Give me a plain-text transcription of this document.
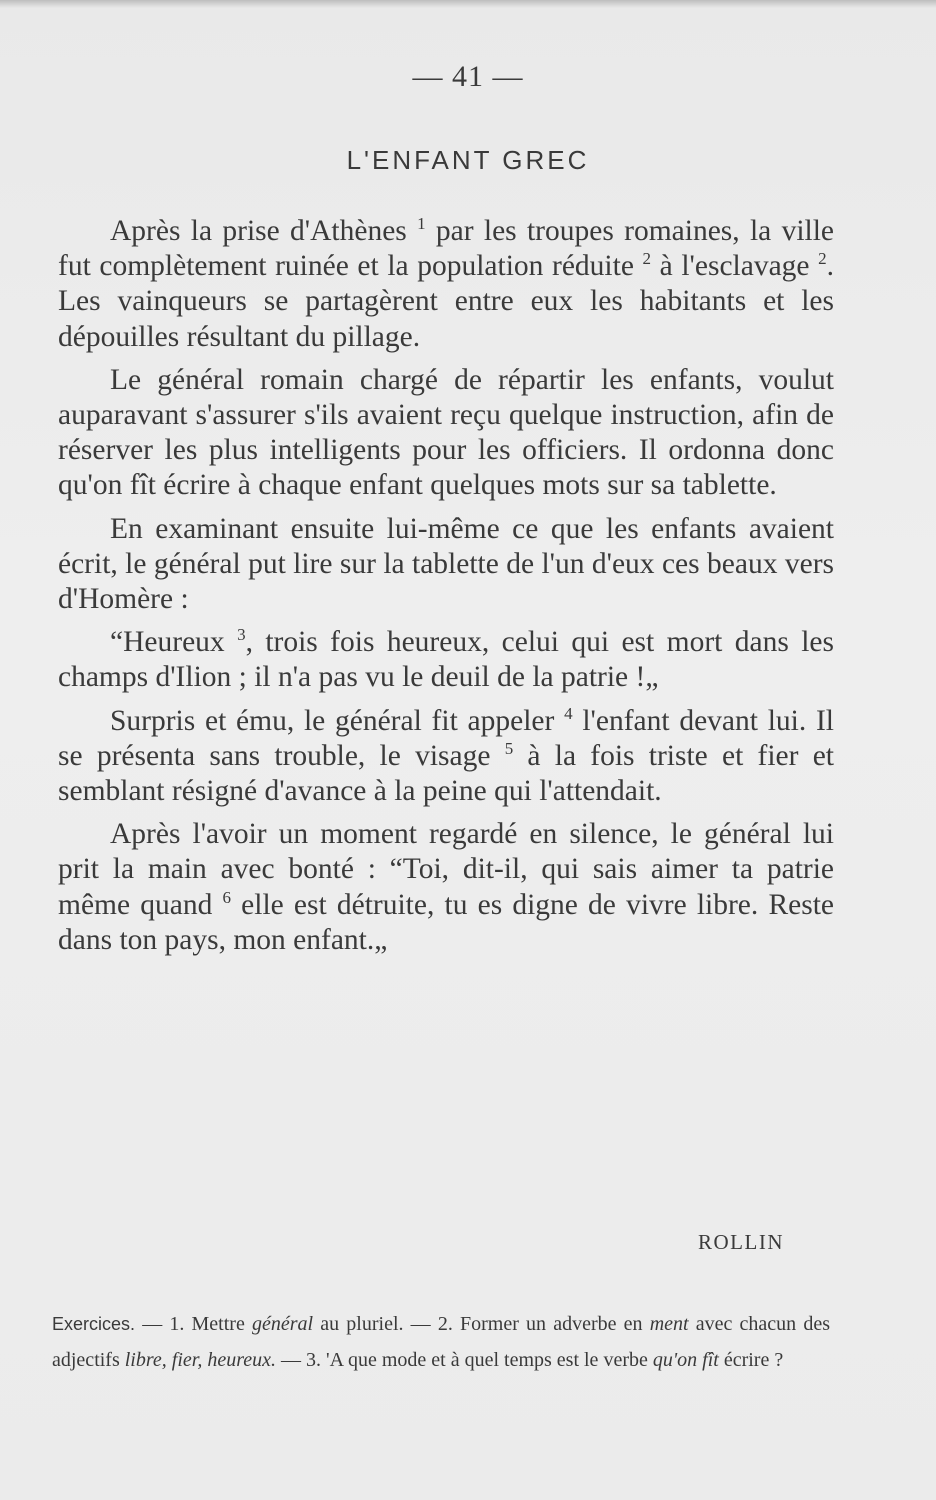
— 41 —
L'ENFANT GREC

Après la prise d'Athènes $^1$ par les troupes romaines, la ville fut complètement ruinée et la population réduite $^2$ à l'esclavage $^2$. Les vainqueurs se partagèrent entre eux les habitants et les dépouilles résultant du pillage.

Le général romain chargé de répartir les enfants, voulut auparavant s'assurer s'ils avaient reçu quelque instruction, afin de réserver les plus intelligents pour les officiers. Il ordonna donc qu'on fît écrire à chaque enfant quelques mots sur sa tablette.

En examinant ensuite lui-même ce que les enfants avaient écrit, le général put lire sur la tablette de l'un d'eux ces beaux vers d'Homère :

“Heureux $^3$, trois fois heureux, celui qui est mort dans les champs d'Ilion ; il n'a pas vu le deuil de la patrie !„

Surpris et ému, le général fit appeler $^4$ l'enfant devant lui. Il se présenta sans trouble, le visage $^5$ à la fois triste et fier et semblant résigné d'avance à la peine qui l'attendait.

Après l'avoir un moment regardé en silence, le général lui prit la main avec bonté : “Toi, dit-il, qui sais aimer ta patrie même quand $^6$ elle est détruite, tu es digne de vivre libre. Reste dans ton pays, mon enfant.„

ROLLIN
Exercices. — 1. Mettre général au pluriel. — 2. Former un adverbe en ment avec chacun des adjectifs libre, fier, heureux. — 3. 'A que mode et à quel temps est le verbe qu'on fît écrire ?
